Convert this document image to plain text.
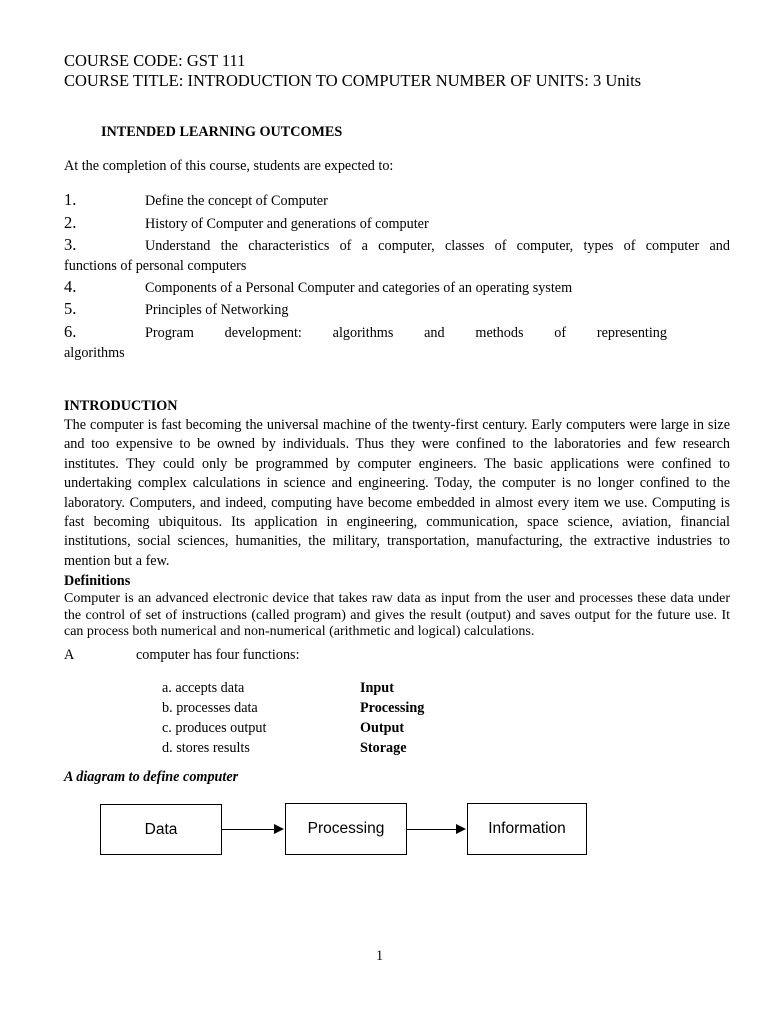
COURSE CODE: GST 111
COURSE TITLE: INTRODUCTION TO COMPUTER NUMBER OF UNITS: 3 Units
INTENDED LEARNING OUTCOMES
At the completion of this course, students are expected to:
1.	Define the concept of Computer
2.	History of Computer and generations of computer
3.	Understand the characteristics of a computer, classes of computer, types of computer and
functions of personal computers
4.	Components of a Personal Computer and categories of an operating system
5.	Principles of Networking
6.	Program development: algorithms and methods of representing
algorithms
INTRODUCTION

The computer is fast becoming the universal machine of the twenty-first century. Early computers were large in size and too expensive to be owned by individuals. Thus they were confined to the laboratories and few research institutes. They could only be programmed by computer engineers. The basic applications were confined to undertaking complex calculations in science and engineering. Today, the computer is no longer confined to the laboratory. Computers, and indeed, computing have become embedded in almost every item we use. Computing is fast becoming ubiquitous. Its application in engineering, communication, space science, aviation, financial institutions, social sciences, humanities, the military, transportation, manufacturing, the extractive industries to mention but a few.

Definitions
Computer is an advanced electronic device that takes raw data as input from the user and processes these data under the control of set of instructions (called program) and gives the result (output) and saves output for the future use. It can process both numerical and non-numerical (arithmetic and logical) calculations.
A	computer has four functions:
a. accepts data	Input
b. processes data	Processing
c. produces output	Output
d. stores results	Storage
A diagram to define computer
Data	Processing	Information
1
